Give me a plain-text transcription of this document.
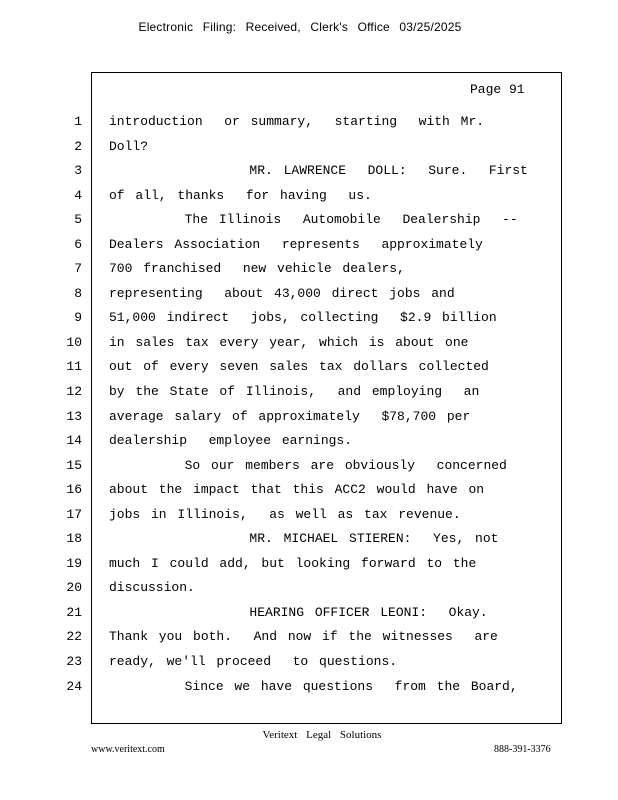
Electronic Filing: Received, Clerk's Office 03/25/2025
Page 91
1
2
3
4
5
6
7
8
9
10
11
12
13
14
15
16
17
18
19
20
21
22
23
24
introduction  or summary,  starting  with Mr.
Doll?
MR. LAWRENCE  DOLL:  Sure.  First
of all, thanks  for having  us.
The Illinois  Automobile  Dealership  --
Dealers Association  represents  approximately
700 franchised  new vehicle dealers,
representing  about 43,000 direct jobs and
51,000 indirect  jobs, collecting  $2.9 billion
in sales tax every year, which is about one
out of every seven sales tax dollars collected
by the State of Illinois,  and employing  an
average salary of approximately  $78,700 per
dealership  employee earnings.
So our members are obviously  concerned
about the impact that this ACC2 would have on
jobs in Illinois,  as well as tax revenue.
MR. MICHAEL STIEREN:  Yes, not
much I could add, but looking forward to the
discussion.
HEARING OFFICER LEONI:  Okay.
Thank you both.  And now if the witnesses  are
ready, we'll proceed  to questions.
Since we have questions  from the Board,
Veritext Legal Solutions
www.veritext.com	888-391-3376
